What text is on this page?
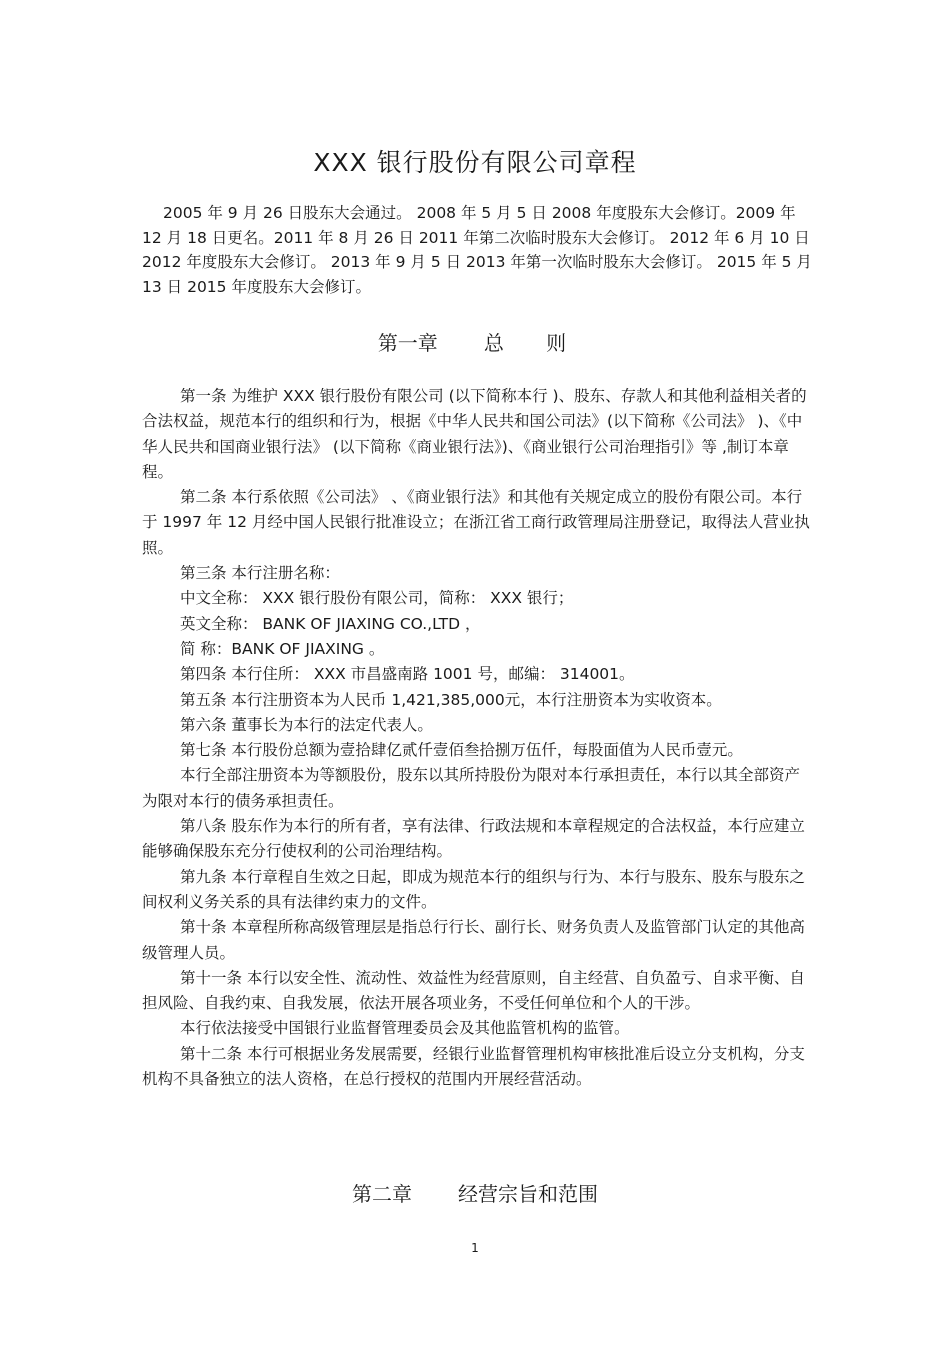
XXX 银行股份有限公司章程

2005 年 9 月 26 日股东大会通过。 2008 年 5 月 5 日 2008 年度股东大会修订。2009 年 12 月 18 日更名。2011 年 8 月 26 日 2011 年第二次临时股东大会修订。 2012 年 6 月 10 日 2012 年度股东大会修订。 2013 年 9 月 5 日 2013 年第一次临时股东大会修订。 2015 年 5 月 13 日 2015 年度股东大会修订。

第一章 总 则

第一条 为维护 XXX 银行股份有限公司 (以下简称本行 )、股东、存款人和其他利益相关者的合法权益，规范本行的组织和行为，根据《中华人民共和国公司法》(以下简称《公司法》 )、《中华人民共和国商业银行法》 (以下简称《商业银行法》)、《商业银行公司治理指引》等 ,制订本章程。

第二条 本行系依照《公司法》 、《商业银行法》和其他有关规定成立的股份有限公司。本行于 1997 年 12 月经中国人民银行批准设立；在浙江省工商行政管理局注册登记，取得法人营业执照。

第三条 本行注册名称：

中文全称： XXX 银行股份有限公司，简称： XXX 银行；

英文全称： BANK OF JIAXING CO.,LTD ，

简 称：BANK OF JIAXING 。

第四条 本行住所： XXX 市昌盛南路 1001 号，邮编： 314001。

第五条 本行注册资本为人民币 1,421,385,000元，本行注册资本为实收资本。

第六条 董事长为本行的法定代表人。

第七条 本行股份总额为壹拾肆亿贰仟壹佰叁拾捌万伍仟，每股面值为人民币壹元。

本行全部注册资本为等额股份，股东以其所持股份为限对本行承担责任，本行以其全部资产为限对本行的债务承担责任。

第八条 股东作为本行的所有者，享有法律、行政法规和本章程规定的合法权益，本行应建立能够确保股东充分行使权利的公司治理结构。

第九条 本行章程自生效之日起，即成为规范本行的组织与行为、本行与股东、股东与股东之间权利义务关系的具有法律约束力的文件。

第十条 本章程所称高级管理层是指总行行长、副行长、财务负责人及监管部门认定的其他高级管理人员。

第十一条 本行以安全性、流动性、效益性为经营原则，自主经营、自负盈亏、自求平衡、自担风险、自我约束、自我发展，依法开展各项业务，不受任何单位和个人的干涉。

本行依法接受中国银行业监督管理委员会及其他监管机构的监管。

第十二条 本行可根据业务发展需要，经银行业监督管理机构审核批准后设立分支机构，分支机构不具备独立的法人资格，在总行授权的范围内开展经营活动。

第二章 经营宗旨和范围
1
